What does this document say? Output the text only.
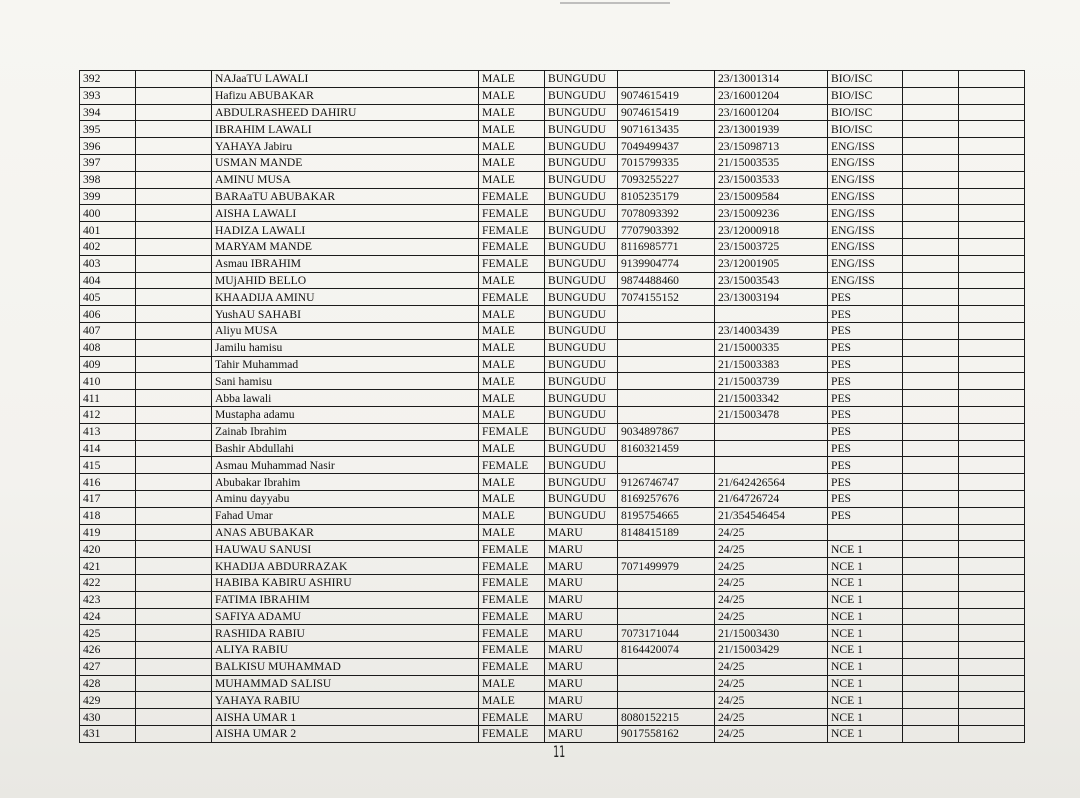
392		NAJaaTU LAWALI	MALE	BUNGUDU		23/13001314	BIO/ISC		
393		Hafizu ABUBAKAR	MALE	BUNGUDU	9074615419	23/16001204	BIO/ISC		
394		ABDULRASHEED DAHIRU	MALE	BUNGUDU	9074615419	23/16001204	BIO/ISC		
395		IBRAHIM LAWALI	MALE	BUNGUDU	9071613435	23/13001939	BIO/ISC		
396		YAHAYA Jabiru	MALE	BUNGUDU	7049499437	23/15098713	ENG/ISS		
397		USMAN MANDE	MALE	BUNGUDU	7015799335	21/15003535	ENG/ISS		
398		AMINU MUSA	MALE	BUNGUDU	7093255227	23/15003533	ENG/ISS		
399		BARAaTU ABUBAKAR	FEMALE	BUNGUDU	8105235179	23/15009584	ENG/ISS		
400		AISHA LAWALI	FEMALE	BUNGUDU	7078093392	23/15009236	ENG/ISS		
401		HADIZA LAWALI	FEMALE	BUNGUDU	7707903392	23/12000918	ENG/ISS		
402		MARYAM MANDE	FEMALE	BUNGUDU	8116985771	23/15003725	ENG/ISS		
403		Asmau IBRAHIM	FEMALE	BUNGUDU	9139904774	23/12001905	ENG/ISS		
404		MUjAHID BELLO	MALE	BUNGUDU	9874488460	23/15003543	ENG/ISS		
405		KHAADIJA AMINU	FEMALE	BUNGUDU	7074155152	23/13003194	PES		
406		YushAU SAHABI	MALE	BUNGUDU			PES		
407		Aliyu MUSA	MALE	BUNGUDU		23/14003439	PES		
408		Jamilu hamisu	MALE	BUNGUDU		21/15000335	PES		
409		Tahir Muhammad	MALE	BUNGUDU		21/15003383	PES		
410		Sani hamisu	MALE	BUNGUDU		21/15003739	PES		
411		Abba lawali	MALE	BUNGUDU		21/15003342	PES		
412		Mustapha adamu	MALE	BUNGUDU		21/15003478	PES		
413		Zainab Ibrahim	FEMALE	BUNGUDU	9034897867		PES		
414		Bashir Abdullahi	MALE	BUNGUDU	8160321459		PES		
415		Asmau Muhammad Nasir	FEMALE	BUNGUDU			PES		
416		Abubakar Ibrahim	MALE	BUNGUDU	9126746747	21/642426564	PES		
417		Aminu dayyabu	MALE	BUNGUDU	8169257676	21/64726724	PES		
418		Fahad Umar	MALE	BUNGUDU	8195754665	21/354546454	PES		
419		ANAS ABUBAKAR	MALE	MARU	8148415189	24/25			
420		HAUWAU SANUSI	FEMALE	MARU		24/25	NCE 1		
421		KHADIJA ABDURRAZAK	FEMALE	MARU	7071499979	24/25	NCE 1		
422		HABIBA KABIRU ASHIRU	FEMALE	MARU		24/25	NCE 1		
423		FATIMA IBRAHIM	FEMALE	MARU		24/25	NCE 1		
424		SAFIYA ADAMU	FEMALE	MARU		24/25	NCE 1		
425		RASHIDA RABIU	FEMALE	MARU	7073171044	21/15003430	NCE 1		
426		ALIYA RABIU	FEMALE	MARU	8164420074	21/15003429	NCE 1		
427		BALKISU MUHAMMAD	FEMALE	MARU		24/25	NCE 1		
428		MUHAMMAD SALISU	MALE	MARU		24/25	NCE 1		
429		YAHAYA RABIU	MALE	MARU		24/25	NCE 1		
430		AISHA UMAR 1	FEMALE	MARU	8080152215	24/25	NCE 1		
431		AISHA UMAR 2	FEMALE	MARU	9017558162	24/25	NCE 1		
11
